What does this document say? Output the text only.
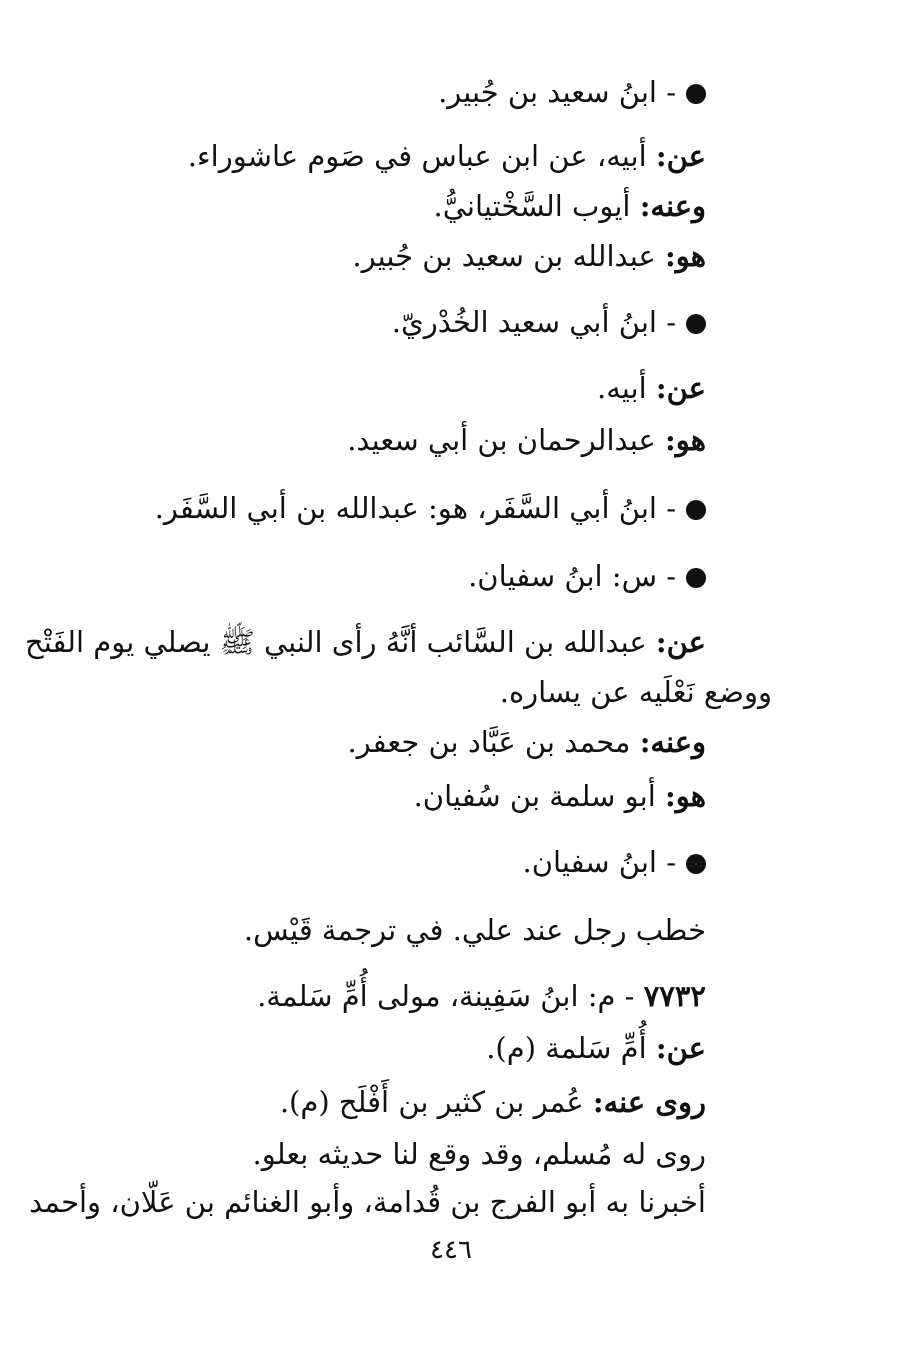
- ابنُ سعيد بن جُبير.
عن: أبيه، عن ابن عباس في صَوم عاشوراء.
وعنه: أيوب السَّخْتيانيُّ.
هو: عبدالله بن سعيد بن جُبير.
- ابنُ أبي سعيد الخُدْريّ.
عن: أبيه.
هو: عبدالرحمان بن أبي سعيد.
- ابنُ أبي السَّفَر، هو: عبدالله بن أبي السَّفَر.
- س: ابنُ سفيان.
عن: عبدالله بن السَّائب أنَّهُ رأى النبي ﷺ يصلي يوم الفَتْح
ووضع نَعْلَيه عن يساره.
وعنه: محمد بن عَبَّاد بن جعفر.
هو: أبو سلمة بن سُفيان.
- ابنُ سفيان.
خطب رجل عند علي. في ترجمة قَيْس.
٧٧٣٢ - م: ابنُ سَفِينة، مولى أُمِّ سَلمة.
عن: أُمِّ سَلمة (م).
روى عنه: عُمر بن كثير بن أَفْلَح (م).
روى له مُسلم، وقد وقع لنا حديثه بعلو.
أخبرنا به أبو الفرج بن قُدامة، وأبو الغنائم بن عَلّان، وأحمد
٤٤٦
